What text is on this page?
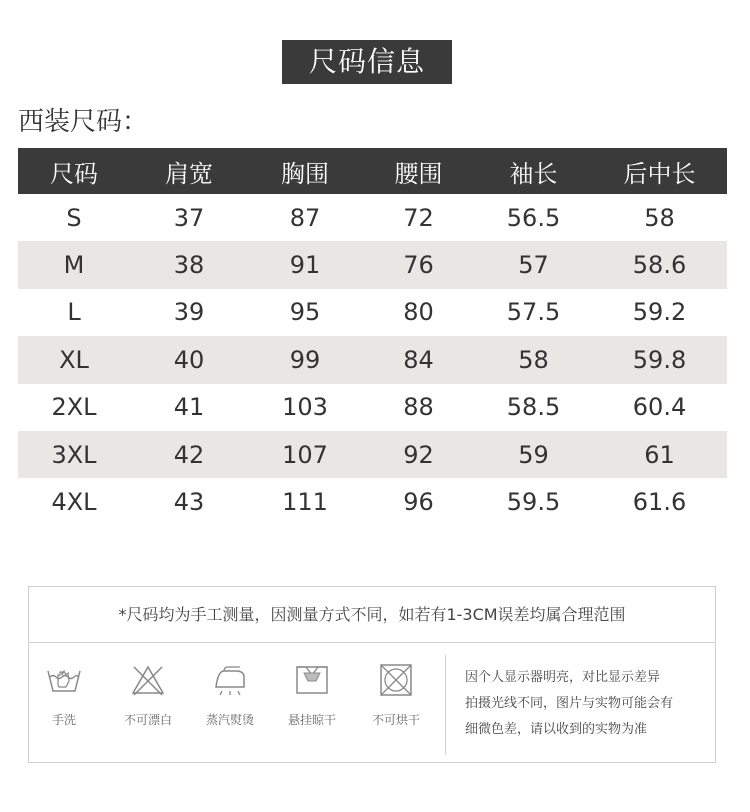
尺码信息
西装尺码：
尺码	肩宽	胸围	腰围	袖长	后中长
S	37	87	72	56.5	58
M	38	91	76	57	58.6
L	39	95	80	57.5	59.2
XL	40	99	84	58	59.8
2XL	41	103	88	58.5	60.4
3XL	42	107	92	59	61
4XL	43	111	96	59.5	61.6
*尺码均为手工测量，因测量方式不同，如若有1-3CM误差均属合理范围
手洗	不可漂白	蒸汽熨烫	悬挂晾干	不可烘干
因个人显示器明亮，对比显示差异
拍摄光线不同，图片与实物可能会有
细微色差，请以收到的实物为准
